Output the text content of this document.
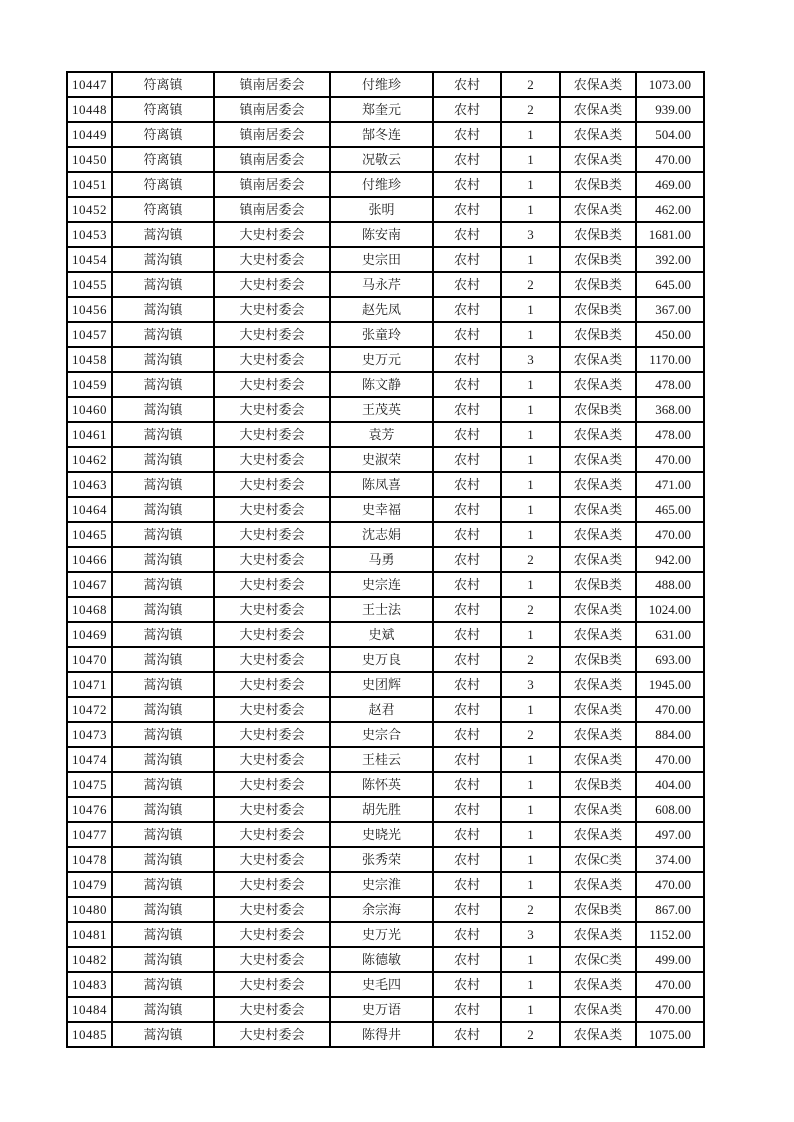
10447	符离镇	镇南居委会	付维珍	农村	2	农保A类	1073.00
10448	符离镇	镇南居委会	郑奎元	农村	2	农保A类	939.00
10449	符离镇	镇南居委会	郜冬连	农村	1	农保A类	504.00
10450	符离镇	镇南居委会	况敬云	农村	1	农保A类	470.00
10451	符离镇	镇南居委会	付维珍	农村	1	农保B类	469.00
10452	符离镇	镇南居委会	张明	农村	1	农保A类	462.00
10453	蒿沟镇	大史村委会	陈安南	农村	3	农保B类	1681.00
10454	蒿沟镇	大史村委会	史宗田	农村	1	农保B类	392.00
10455	蒿沟镇	大史村委会	马永芹	农村	2	农保B类	645.00
10456	蒿沟镇	大史村委会	赵先凤	农村	1	农保B类	367.00
10457	蒿沟镇	大史村委会	张童玲	农村	1	农保B类	450.00
10458	蒿沟镇	大史村委会	史万元	农村	3	农保A类	1170.00
10459	蒿沟镇	大史村委会	陈文静	农村	1	农保A类	478.00
10460	蒿沟镇	大史村委会	王茂英	农村	1	农保B类	368.00
10461	蒿沟镇	大史村委会	袁芳	农村	1	农保A类	478.00
10462	蒿沟镇	大史村委会	史淑荣	农村	1	农保A类	470.00
10463	蒿沟镇	大史村委会	陈凤喜	农村	1	农保A类	471.00
10464	蒿沟镇	大史村委会	史幸福	农村	1	农保A类	465.00
10465	蒿沟镇	大史村委会	沈志娟	农村	1	农保A类	470.00
10466	蒿沟镇	大史村委会	马勇	农村	2	农保A类	942.00
10467	蒿沟镇	大史村委会	史宗连	农村	1	农保B类	488.00
10468	蒿沟镇	大史村委会	王士法	农村	2	农保A类	1024.00
10469	蒿沟镇	大史村委会	史斌	农村	1	农保A类	631.00
10470	蒿沟镇	大史村委会	史万良	农村	2	农保B类	693.00
10471	蒿沟镇	大史村委会	史团辉	农村	3	农保A类	1945.00
10472	蒿沟镇	大史村委会	赵君	农村	1	农保A类	470.00
10473	蒿沟镇	大史村委会	史宗合	农村	2	农保A类	884.00
10474	蒿沟镇	大史村委会	王桂云	农村	1	农保A类	470.00
10475	蒿沟镇	大史村委会	陈怀英	农村	1	农保B类	404.00
10476	蒿沟镇	大史村委会	胡先胜	农村	1	农保A类	608.00
10477	蒿沟镇	大史村委会	史晓光	农村	1	农保A类	497.00
10478	蒿沟镇	大史村委会	张秀荣	农村	1	农保C类	374.00
10479	蒿沟镇	大史村委会	史宗淮	农村	1	农保A类	470.00
10480	蒿沟镇	大史村委会	余宗海	农村	2	农保B类	867.00
10481	蒿沟镇	大史村委会	史万光	农村	3	农保A类	1152.00
10482	蒿沟镇	大史村委会	陈德敏	农村	1	农保C类	499.00
10483	蒿沟镇	大史村委会	史毛四	农村	1	农保A类	470.00
10484	蒿沟镇	大史村委会	史万语	农村	1	农保A类	470.00
10485	蒿沟镇	大史村委会	陈得井	农村	2	农保A类	1075.00
